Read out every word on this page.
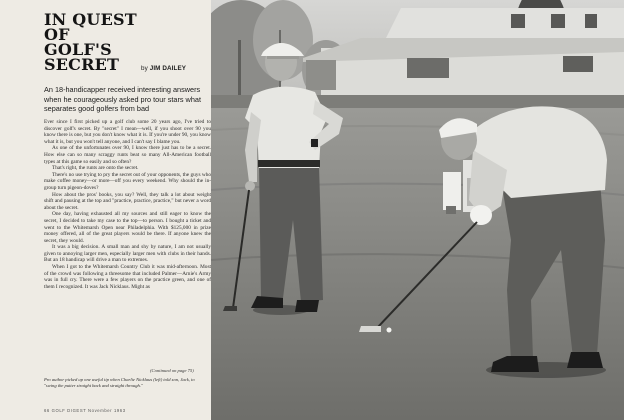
IN QUEST
OF
GOLF'S
SECRET	by JIM DAILEY
An 18-handicapper received interesting answers when he courageously asked pro tour stars what separates good golfers from bad

Ever since I first picked up a golf club some 20 years ago, I've tried to discover golf's secret. By "secret" I mean—well, if you shoot over 90 you know there is one, but you don't know what it is. If you're under 90, you know what it is, but you won't tell anyone, and I can't say I blame you.

As one of the unfortunates over 90, I know there just has to be a secret. How else can so many scraggy runts beat so many All-American football types at this game so easily and so often?

That's right, the runts are onto the secret.

There's no use trying to pry the secret out of your opponents, the guys who make coffee money—or more—off you every weekend. Why should the in-group turn pigeon-doves?

How about the pros' books, you say? Well, they talk a lot about weight shift and pausing at the top and "practice, practice, practice," but never a word about the secret.

One day, having exhausted all my sources and still eager to know the secret, I decided to take my case to the top—to person. I bought a ticket and went to the Whitemarsh Open near Philadelphia. With $125,000 in prize money offered, all of the great players would be there. If anyone knew the secret, they would.

It was a big decision. A small man and shy by nature, I am not usually given to annoying larger men, especially larger men with clubs in their hands. But an 18 handicap will drive a man to extremes.

When I got to the Whitemarsh Country Club it was mid-afternoon. Most of the crowd was following a threesome that included Palmer—Arnie's Army was in full cry. There were a few players on the practice green, and one of them I recognized. It was Jack Nicklaus. Might as

(Continued on page 75)
Pro author picked up one useful tip when Charlie Nicklaus (left) told son, Jack, to "swing the putter straight back and straight through."
66 GOLF DIGEST November 1963
